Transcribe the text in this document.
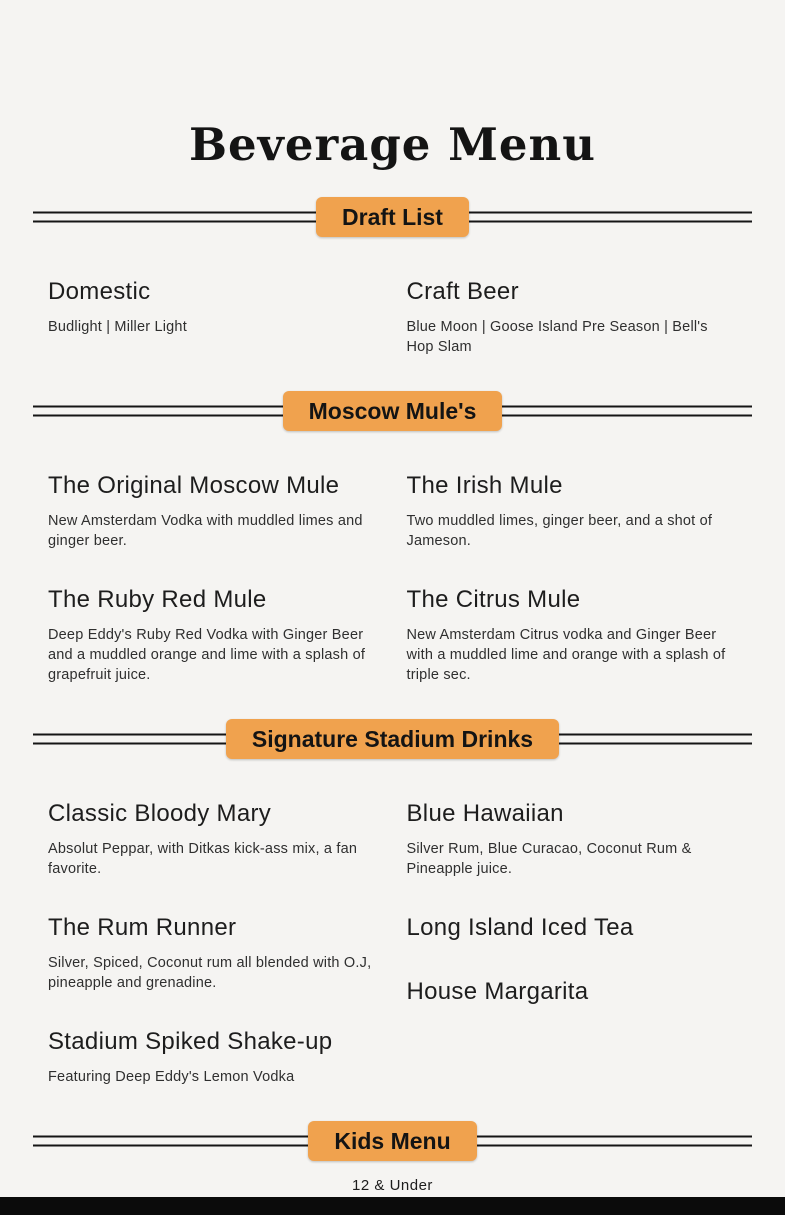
Beverage Menu
Draft List
Domestic

Budlight | Miller Light

Craft Beer

Blue Moon | Goose Island Pre Season | Bell's Hop Slam

Moscow Mule's
The Original Moscow Mule

New Amsterdam Vodka with muddled limes and ginger beer.

The Ruby Red Mule

Deep Eddy's Ruby Red Vodka with Ginger Beer and a muddled orange and lime with a splash of grapefruit juice.

The Irish Mule

Two muddled limes, ginger beer, and a shot of Jameson.

The Citrus Mule

New Amsterdam Citrus vodka and Ginger Beer with a muddled lime and orange with a splash of triple sec.

Signature Stadium Drinks
Classic Bloody Mary

Absolut Peppar, with Ditkas kick-ass mix, a fan favorite.

The Rum Runner

Silver, Spiced, Coconut rum all blended with O.J, pineapple and grenadine.

Stadium Spiked Shake-up

Featuring Deep Eddy's Lemon Vodka

Blue Hawaiian

Silver Rum, Blue Curacao, Coconut Rum & Pineapple juice.

Long Island Iced Tea

House Margarita

Kids Menu
12 & Under
